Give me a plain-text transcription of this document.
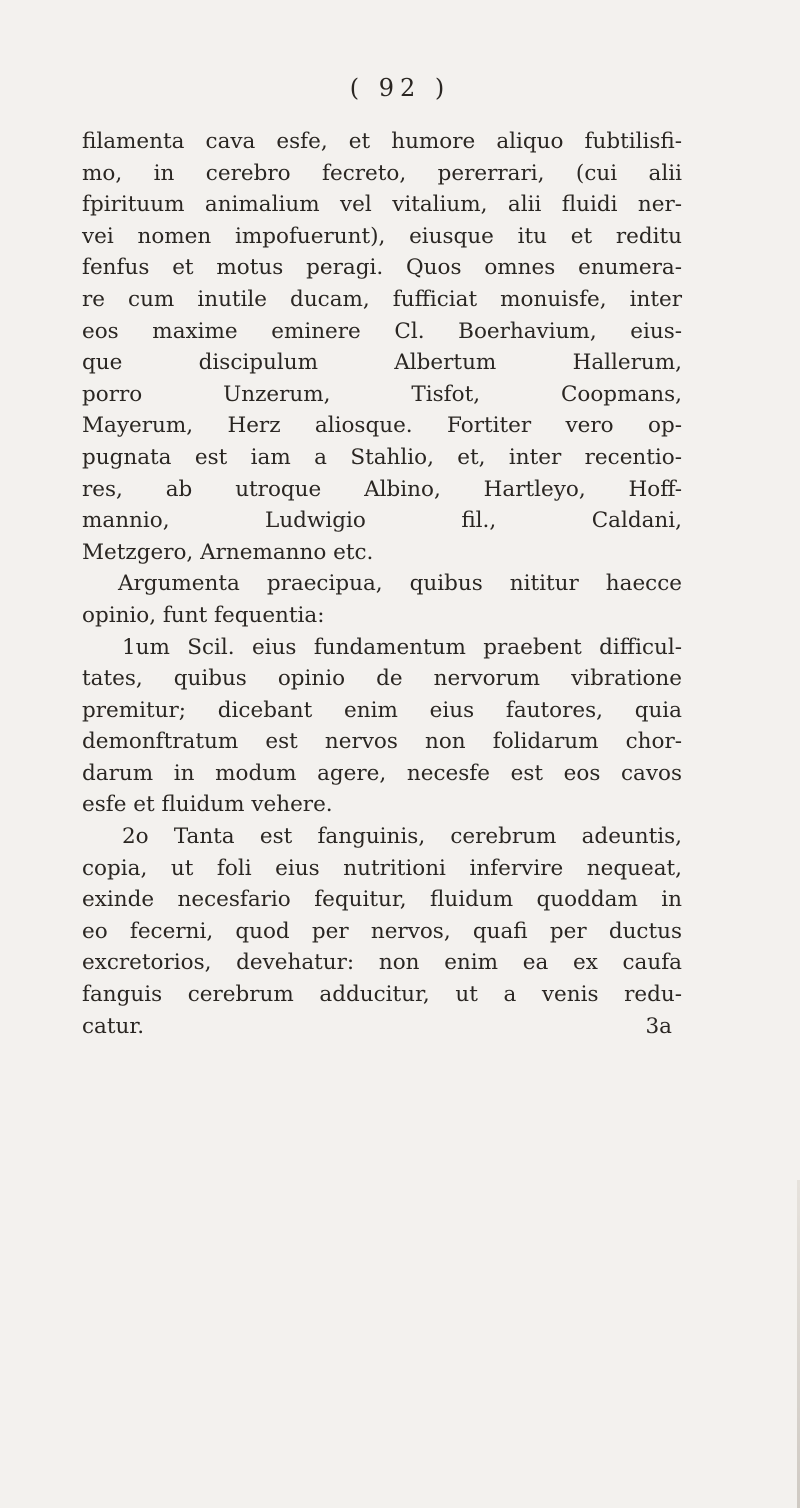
( 92 )
filamenta cava esfe, et humore aliquo fubtilisfi-
mo, in cerebro fecreto, pererrari, (cui alii
fpirituum animalium vel vitalium, alii fluidi ner-
vei nomen impofuerunt), eiusque itu et reditu
fenfus et motus peragi. Quos omnes enumera-
re cum inutile ducam, fufficiat monuisfe, inter
eos maxime eminere Cl. Boerhavium, eius-
que discipulum Albertum Hallerum,
porro Unzerum, Tisfot, Coopmans,
Mayerum, Herz aliosque. Fortiter vero op-
pugnata est iam a Stahlio, et, inter recentio-
res, ab utroque Albino, Hartleyo, Hoff-
mannio, Ludwigio fil., Caldani,
Metzgero, Arnemanno etc.
Argumenta praecipua, quibus nititur haecce
opinio, funt fequentia:
1um Scil. eius fundamentum praebent difficul-
tates, quibus opinio de nervorum vibratione
premitur; dicebant enim eius fautores, quia
demonftratum est nervos non folidarum chor-
darum in modum agere, necesfe est eos cavos
esfe et fluidum vehere.
2o Tanta est fanguinis, cerebrum adeuntis,
copia, ut foli eius nutritioni infervire nequeat,
exinde necesfario fequitur, fluidum quoddam in
eo fecerni, quod per nervos, quafi per ductus
excretorios, devehatur: non enim ea ex caufa
fanguis cerebrum adducitur, ut a venis redu-
catur. 3a
